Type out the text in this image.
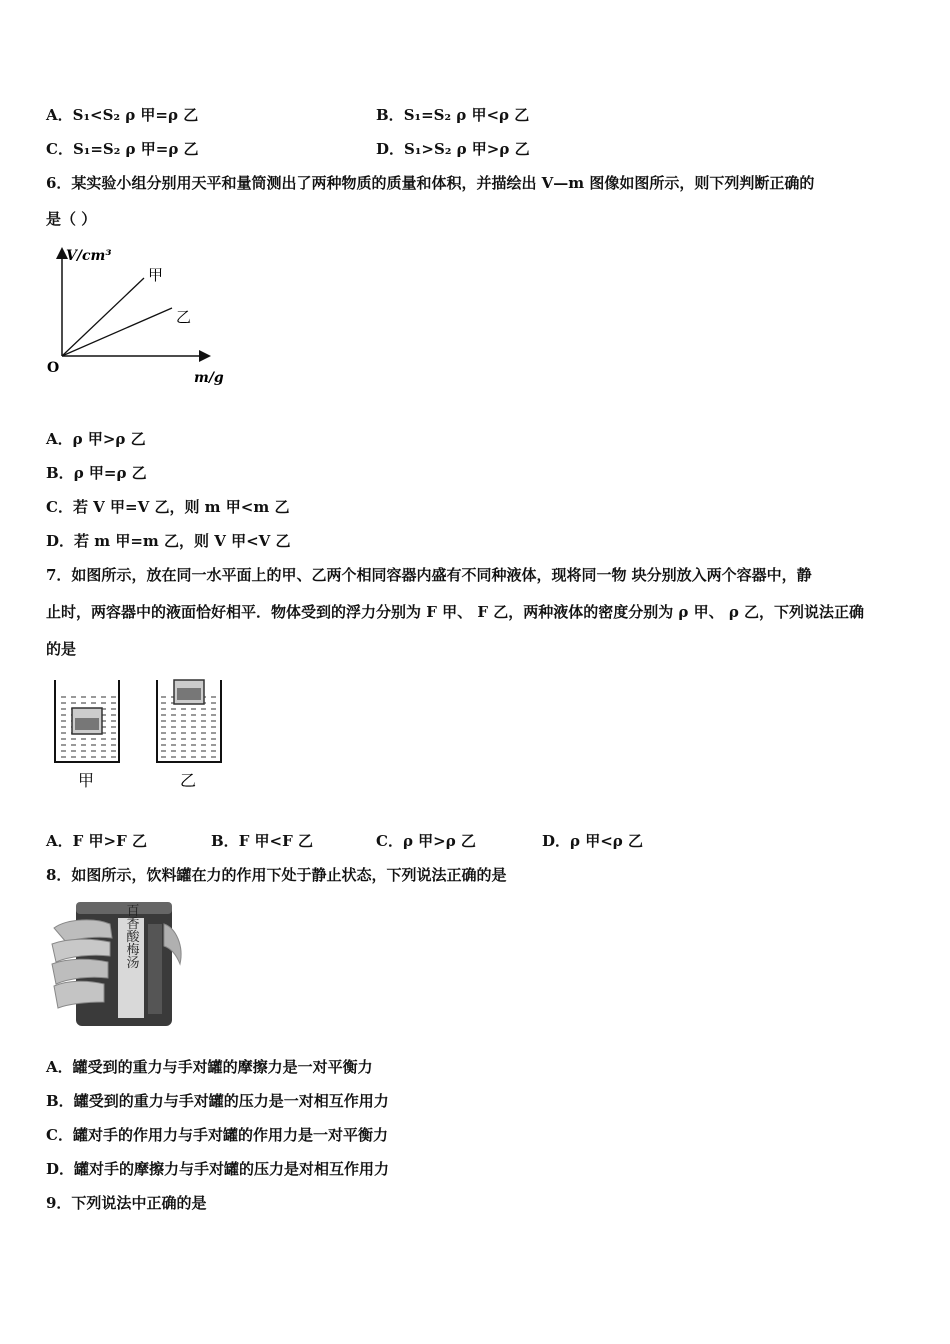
A．S₁<S₂ ρ 甲=ρ 乙	B．S₁=S₂ ρ 甲<ρ 乙
C．S₁=S₂ ρ 甲=ρ 乙	D．S₁>S₂ ρ 甲>ρ 乙
6．某实验小组分别用天平和量筒测出了两种物质的质量和体积，并描绘出 V—m 图像如图所示，则下列判断正确的
是（ ）
V/cm³
m/g
O
甲
乙
A．ρ 甲>ρ 乙
B．ρ 甲=ρ 乙
C．若 V 甲=V 乙，则 m 甲<m 乙
D．若 m 甲=m 乙，则 V 甲<V 乙
7．如图所示，放在同一水平面上的甲、乙两个相同容器内盛有不同种液体，现将同一物 块分别放入两个容器中，静
止时，两容器中的液面恰好相平．物体受到的浮力分别为 F 甲、 F 乙，两种液体的密度分别为 ρ 甲、 ρ 乙，下列说法正确
的是
甲	乙
A．F 甲>F 乙	B．F 甲<F 乙	C．ρ 甲>ρ 乙	D．ρ 甲<ρ 乙
8．如图所示，饮料罐在力的作用下处于静止状态，下列说法正确的是
百香酸梅汤
A．罐受到的重力与手对罐的摩擦力是一对平衡力
B．罐受到的重力与手对罐的压力是一对相互作用力
C．罐对手的作用力与手对罐的作用力是一对平衡力
D．罐对手的摩擦力与手对罐的压力是对相互作用力
9．下列说法中正确的是
